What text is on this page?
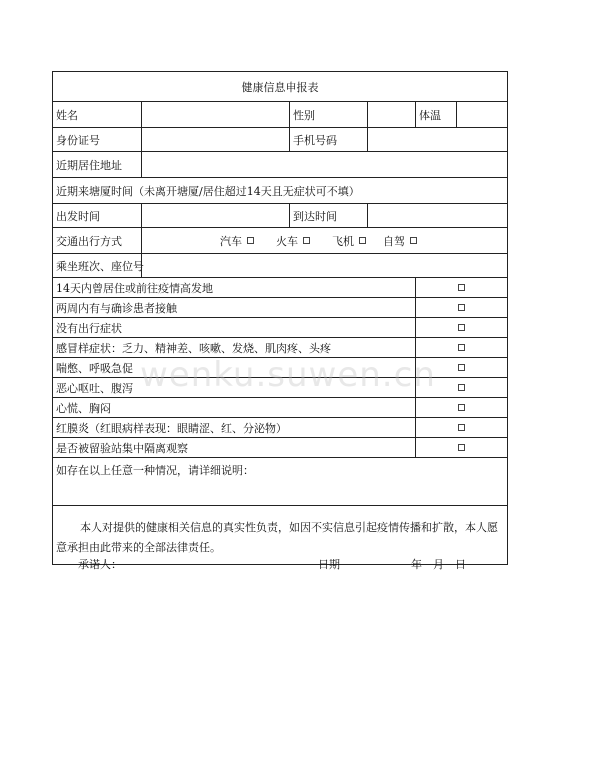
健康信息申报表
姓名	性别	体温
身份证号	手机号码
近期居住地址
近期来塘厦时间（未离开塘厦/居住超过14天且无症状可不填）
出发时间	到达时间
交通出行方式	汽车	火车	飞机	自驾
乘坐班次、座位号
14天内曾居住或前往疫情高发地
两周内有与确诊患者接触
没有出行症状
感冒样症状：乏力、精神差、咳嗽、发烧、肌肉疼、头疼
喘憋、呼吸急促
恶心呕吐、腹泻
心慌、胸闷
红膜炎（红眼病样表现：眼睛涩、红、分泌物）
是否被留验站集中隔离观察
如存在以上任意一种情况，请详细说明：
本人对提供的健康相关信息的真实性负责，如因不实信息引起疫情传播和扩散，本人愿意承担由此带来的全部法律责任。
承诺人：	日期	年　月　日
wenku.suwen.cn
